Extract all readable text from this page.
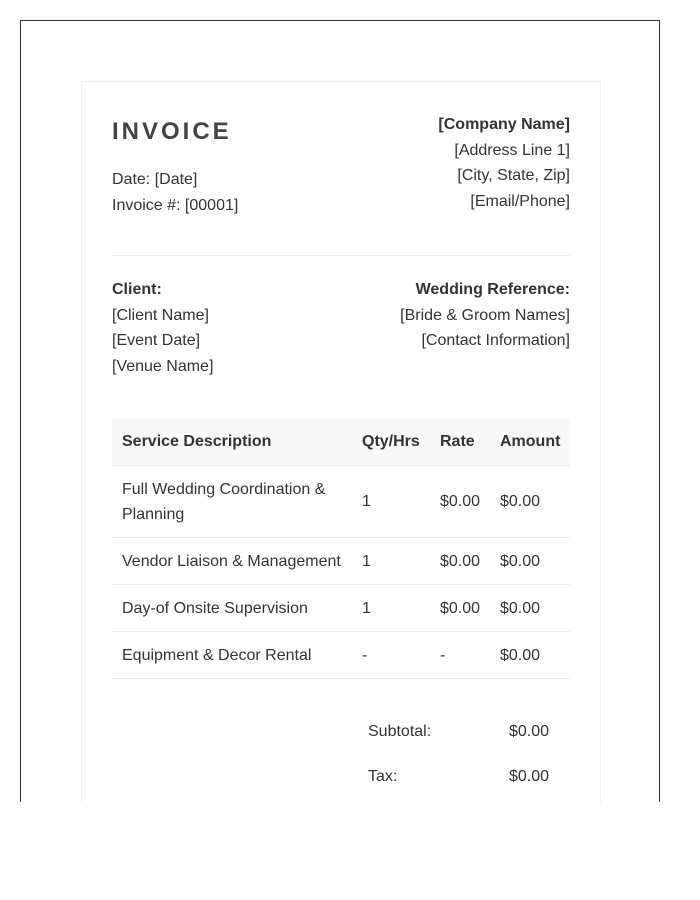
INVOICE
Date: [Date]
Invoice #: [00001]
[Company Name]
[Address Line 1]
[City, State, Zip]
[Email/Phone]
Client:
[Client Name]
[Event Date]
[Venue Name]
Wedding Reference:
[Bride & Groom Names]
[Contact Information]
Service Description	Qty/Hrs	Rate	Amount
Full Wedding Coordination & Planning	1	$0.00	$0.00
Vendor Liaison & Management	1	$0.00	$0.00
Day-of Onsite Supervision	1	$0.00	$0.00
Equipment & Decor Rental	-	-	$0.00
Subtotal:	$0.00
Tax:	$0.00
